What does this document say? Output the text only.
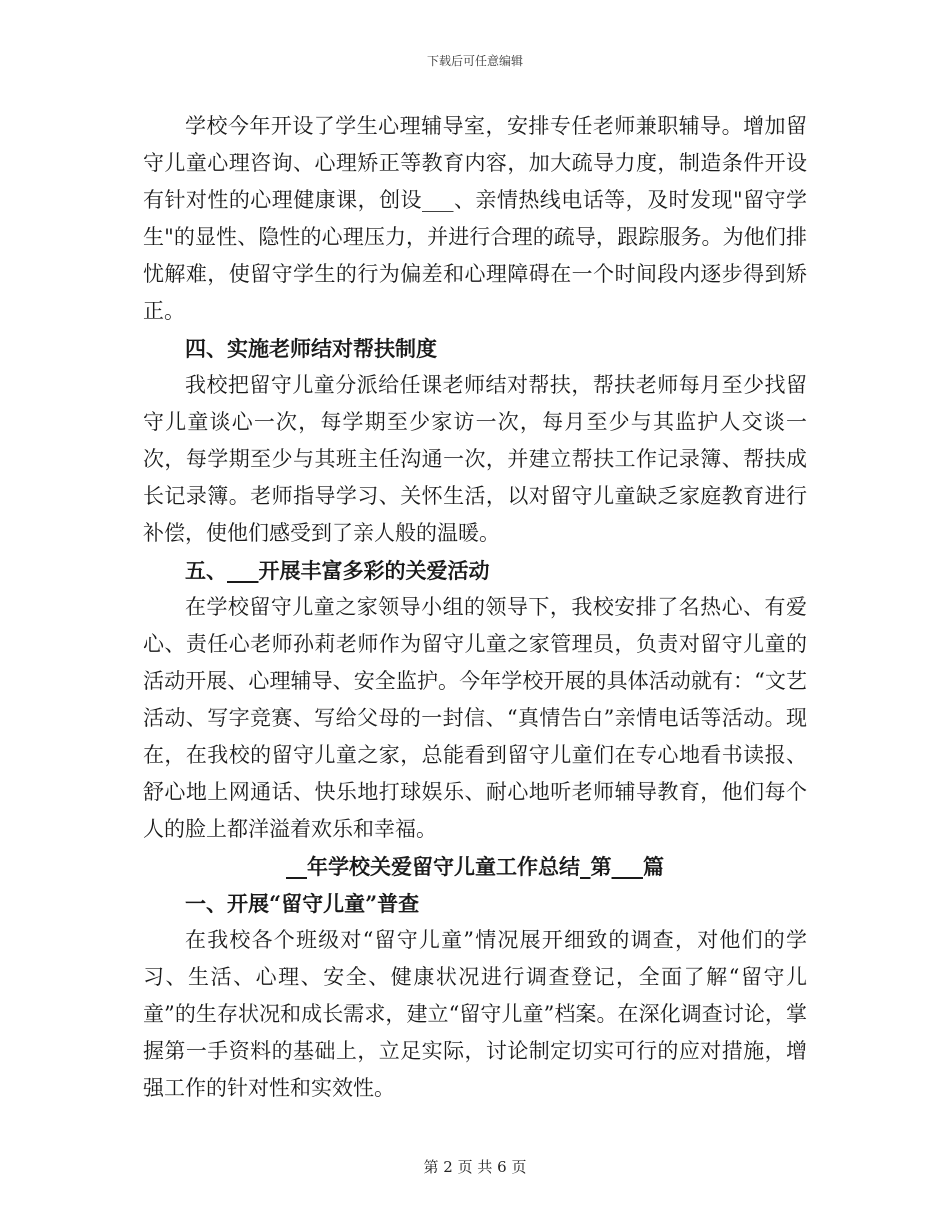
下载后可任意编辑

学校今年开设了学生心理辅导室，安排专任老师兼职辅导。增加留守儿童心理咨询、心理矫正等教育内容，加大疏导力度，制造条件开设有针对性的心理健康课，创设___、亲情热线电话等，及时发现"留守学生"的显性、隐性的心理压力，并进行合理的疏导，跟踪服务。为他们排忧解难，使留守学生的行为偏差和心理障碍在一个时间段内逐步得到矫正。

四、实施老师结对帮扶制度

我校把留守儿童分派给任课老师结对帮扶，帮扶老师每月至少找留守儿童谈心一次，每学期至少家访一次，每月至少与其监护人交谈一次，每学期至少与其班主任沟通一次，并建立帮扶工作记录簿、帮扶成长记录簿。老师指导学习、关怀生活，以对留守儿童缺乏家庭教育进行补偿，使他们感受到了亲人般的温暖。

五、___开展丰富多彩的关爱活动

在学校留守儿童之家领导小组的领导下，我校安排了名热心、有爱心、责任心老师孙莉老师作为留守儿童之家管理员，负责对留守儿童的活动开展、心理辅导、安全监护。今年学校开展的具体活动就有：“文艺活动、写字竞赛、写给父母的一封信、“真情告白”亲情电话等活动。现在，在我校的留守儿童之家，总能看到留守儿童们在专心地看书读报、舒心地上网通话、快乐地打球娱乐、耐心地听老师辅导教育，他们每个人的脸上都洋溢着欢乐和幸福。

__年学校关爱留守儿童工作总结_第___篇

一、开展“留守儿童”普查

在我校各个班级对“留守儿童”情况展开细致的调查，对他们的学习、生活、心理、安全、健康状况进行调查登记，全面了解“留守儿童”的生存状况和成长需求，建立“留守儿童”档案。在深化调查讨论，掌握第一手资料的基础上，立足实际，讨论制定切实可行的应对措施，增强工作的针对性和实效性。

第 2 页 共 6 页
